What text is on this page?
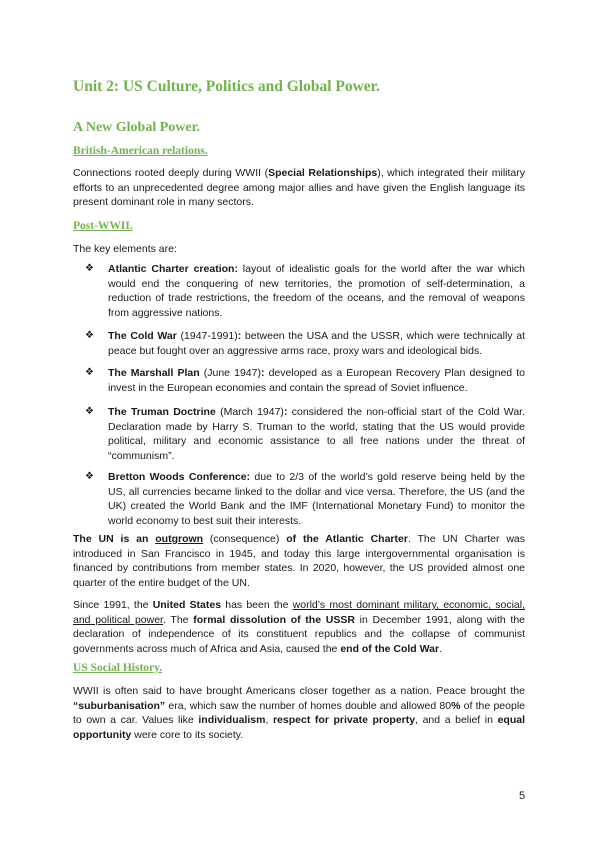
Unit 2: US Culture, Politics and Global Power.
A New Global Power.
British-American relations.

Connections rooted deeply during WWII (Special Relationships), which integrated their military efforts to an unprecedented degree among major allies and have given the English language its present dominant role in many sectors.

Post-WWII.

The key elements are:

❖ Atlantic Charter creation: layout of idealistic goals for the world after the war which would end the conquering of new territories, the promotion of self-determination, a reduction of trade restrictions, the freedom of the oceans, and the removal of weapons from aggressive nations.
❖ The Cold War (1947-1991): between the USA and the USSR, which were technically at peace but fought over an aggressive arms race, proxy wars and ideological bids.
❖ The Marshall Plan (June 1947): developed as a European Recovery Plan designed to invest in the European economies and contain the spread of Soviet influence.
❖ The Truman Doctrine (March 1947): considered the non-official start of the Cold War. Declaration made by Harry S. Truman to the world, stating that the US would provide political, military and economic assistance to all free nations under the threat of “communism”.
❖ Bretton Woods Conference: due to 2/3 of the world’s gold reserve being held by the US, all currencies became linked to the dollar and vice versa. Therefore, the US (and the UK) created the World Bank and the IMF (International Monetary Fund) to monitor the world economy to best suit their interests.

The UN is an outgrown (consequence) of the Atlantic Charter. The UN Charter was introduced in San Francisco in 1945, and today this large intergovernmental organisation is financed by contributions from member states. In 2020, however, the US provided almost one quarter of the entire budget of the UN.

Since 1991, the United States has been the world’s most dominant military, economic, social, and political power. The formal dissolution of the USSR in December 1991, along with the declaration of independence of its constituent republics and the collapse of communist governments across much of Africa and Asia, caused the end of the Cold War.

US Social History.

WWII is often said to have brought Americans closer together as a nation. Peace brought the “suburbanisation” era, which saw the number of homes double and allowed 80% of the people to own a car. Values like individualism, respect for private property, and a belief in equal opportunity were core to its society.

5
